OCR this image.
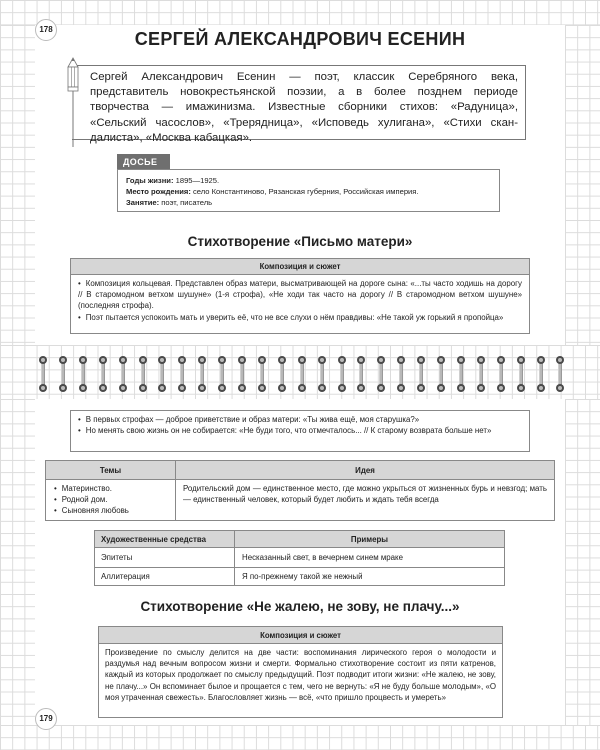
178	СЕРГЕЙ АЛЕКСАНДРОВИЧ ЕСЕНИН

Сергей Александрович Есенин — поэт, классик Серебряного века, представитель новокрестьянской поэзии, а в более позднем периоде творчества — имажинизма. Известные сборники стихов: «Радуница», «Сельский часослов», «Трерядница», «Исповедь хулигана», «Стихи скандалиста», «Москва кабацкая».

ДОСЬЕ
Годы жизни: 1895—1925.
Место рождения: село Константиново, Рязанская губерния, Российская империя.
Занятие: поэт, писатель
Стихотворение «Письмо матери»
Композиция и сюжет
• Композиция кольцевая. Представлен образ матери, высматривающей на дороге сына: «...ты часто ходишь на дорогу // В старомодном ветхом шушуне» (1-я строфа), «Не ходи так часто на дорогу // В старомодном ветхом шушуне» (последняя строфа).
• Поэт пытается успокоить мать и уверить её, что не все слухи о нём правдивы: «Не такой уж горький я пропойца»
• В первых строфах — доброе приветствие и образ матери: «Ты жива ещё, моя старушка?»
• Но менять свою жизнь он не собирается: «Не буди того, что отмечталось... // К старому возврата больше нет»
Темы	Идея

• Материнство.
• Родной дом.
• Сыновняя любовь	Родительский дом — единственное место, где можно укрыться от жизненных бурь и невзгод; мать — единственный человек, который будет любить и ждать тебя всегда
Художественные средства	Примеры
Эпитеты	Несказанный свет, в вечернем синем мраке
Аллитерация	Я по-прежнему такой же нежный
Стихотворение «Не жалею, не зову, не плачу...»
Композиция и сюжет
Произведение по смыслу делится на две части: воспоминания лирического героя о молодости и раздумья над вечным вопросом жизни и смерти. Формально стихотворение состоит из пяти катренов, каждый из которых продолжает по смыслу предыдущий. Поэт подводит итоги жизни: «Не жалею, не зову, не плачу...» Он вспоминает былое и прощается с тем, чего не вернуть: «Я не буду больше молодым», «О моя утраченная свежесть». Благословляет жизнь — всё, «что пришло процвесть и умереть»
179
